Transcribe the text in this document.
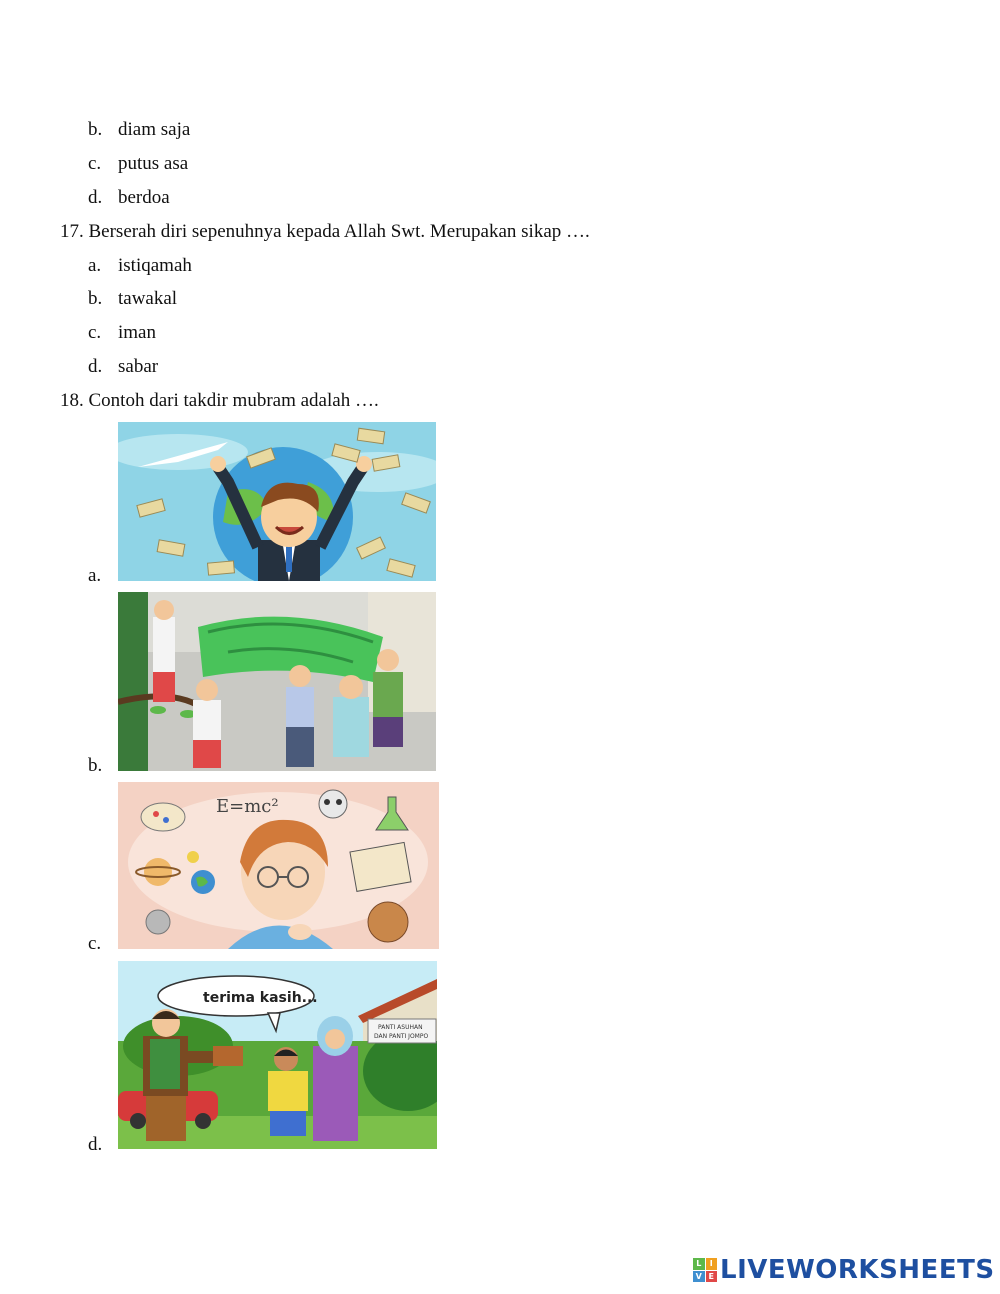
b. diam saja
c. putus asa
d. berdoa
17. Berserah diri sepenuhnya kepada Allah Swt. Merupakan sikap ….
a. istiqamah
b. tawakal
c. iman
d. sabar
18. Contoh dari takdir mubram adalah ….
a.
b.
c.
E=mc²
d.
PANTI ASUHAN
DAN PANTI JOMPO
terima kasih...
L	I
V E LIVEWORKSHEETS
